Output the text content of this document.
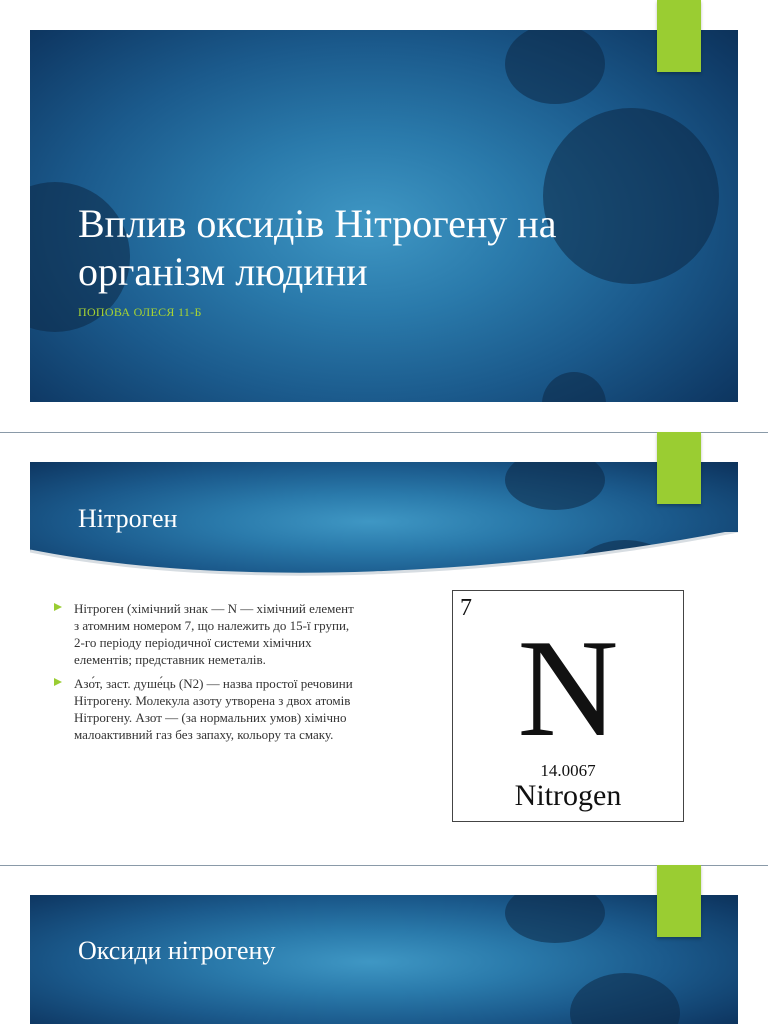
Вплив оксидів Нітрогену на організм людини
ПОПОВА ОЛЕСЯ 11-Б
Нітроген
Нітроген (хімічний знак — N — хімічний елемент з атомним номером 7, що належить до 15-ї групи, 2-го періоду періодичної системи хімічних елементів; представник неметалів.
Азо́т, заст. душе́ць (N2) — назва простої речовини Нітрогену. Молекула азоту утворена з двох атомів Нітрогену. Азот — (за нормальних умов) хімічно малоактивний газ без запаху, кольору та смаку.
7
N
14.0067
Nitrogen
Оксиди нітрогену
